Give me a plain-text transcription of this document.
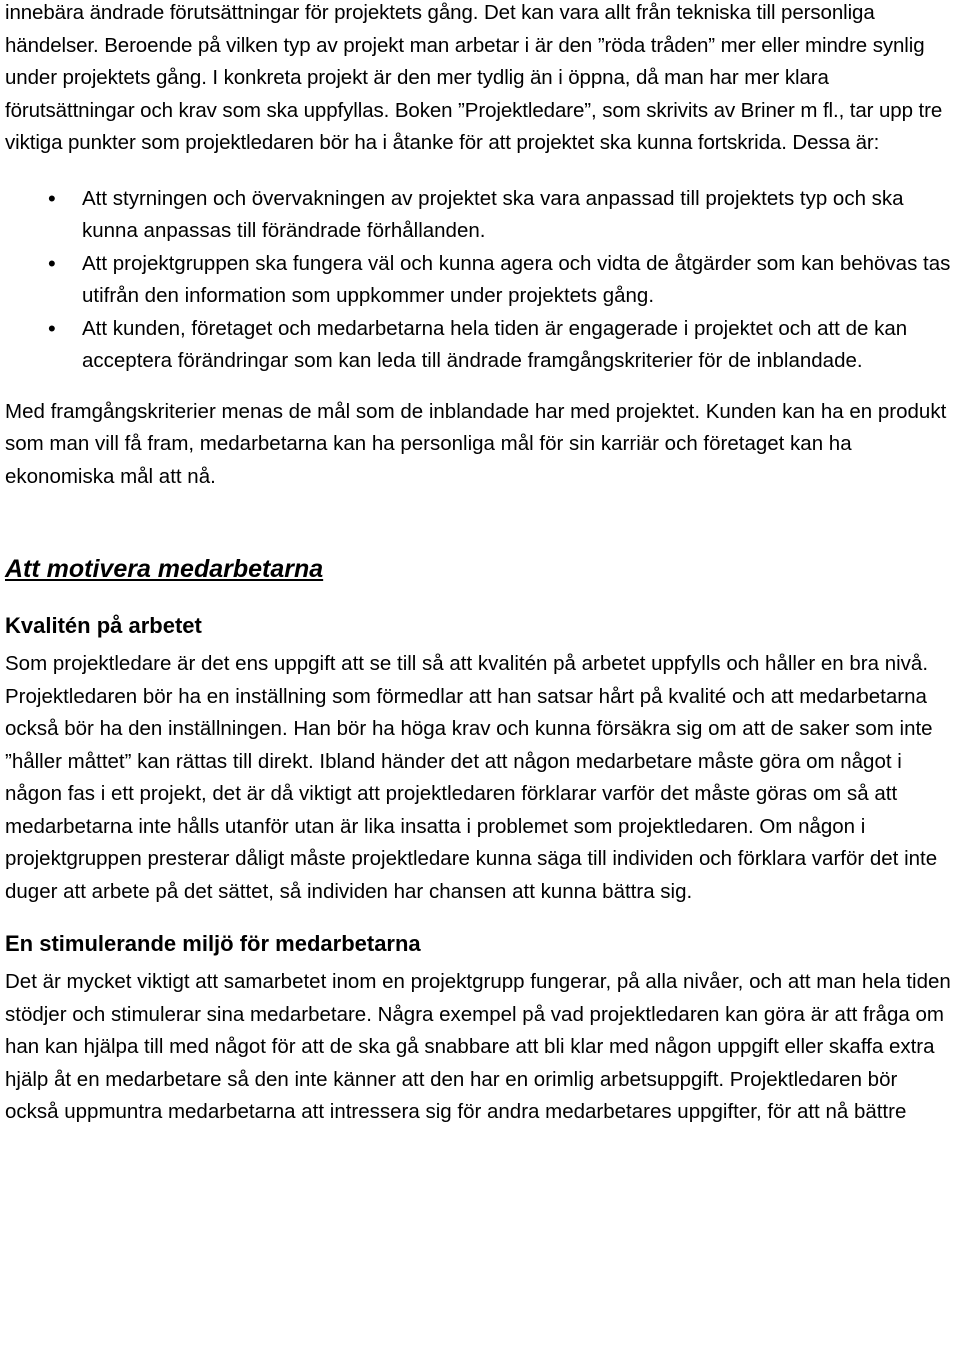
innebära ändrade förutsättningar för projektets gång. Det kan vara allt från tekniska till personliga händelser. Beroende på vilken typ av projekt man arbetar i är den ”röda tråden” mer eller mindre synlig under projektets gång. I konkreta projekt är den mer tydlig än i öppna, då man har mer klara förutsättningar och krav som ska uppfyllas. Boken ”Projektledare”, som skrivits av Briner m fl., tar upp tre viktiga punkter som projektledaren bör ha i åtanke för att projektet ska kunna fortskrida. Dessa är:

• Att styrningen och övervakningen av projektet ska vara anpassad till projektets typ och ska kunna anpassas till förändrade förhållanden.
• Att projektgruppen ska fungera väl och kunna agera och vidta de åtgärder som kan behövas tas utifrån den information som uppkommer under projektets gång.
• Att kunden, företaget och medarbetarna hela tiden är engagerade i projektet och att de kan acceptera förändringar som kan leda till ändrade framgångskriterier för de inblandade.

Med framgångskriterier menas de mål som de inblandade har med projektet. Kunden kan ha en produkt som man vill få fram, medarbetarna kan ha personliga mål för sin karriär och företaget kan ha ekonomiska mål att nå.

Att motivera medarbetarna
Kvalitén på arbetet

Som projektledare är det ens uppgift att se till så att kvalitén på arbetet uppfylls och håller en bra nivå. Projektledaren bör ha en inställning som förmedlar att han satsar hårt på kvalité och att medarbetarna också bör ha den inställningen. Han bör ha höga krav och kunna försäkra sig om att de saker som inte ”håller måttet” kan rättas till direkt. Ibland händer det att någon medarbetare måste göra om något i någon fas i ett projekt, det är då viktigt att projektledaren förklarar varför det måste göras om så att medarbetarna inte hålls utanför utan är lika insatta i problemet som projektledaren. Om någon i projektgruppen presterar dåligt måste projektledare kunna säga till individen och förklara varför det inte duger att arbete på det sättet, så individen har chansen att kunna bättra sig.

En stimulerande miljö för medarbetarna

Det är mycket viktigt att samarbetet inom en projektgrupp fungerar, på alla nivåer, och att man hela tiden stödjer och stimulerar sina medarbetare. Några exempel på vad projektledaren kan göra är att fråga om han kan hjälpa till med något för att de ska gå snabbare att bli klar med någon uppgift eller skaffa extra hjälp åt en medarbetare så den inte känner att den har en orimlig arbetsuppgift. Projektledaren bör också uppmuntra medarbetarna att intressera sig för andra medarbetares uppgifter, för att nå bättre
